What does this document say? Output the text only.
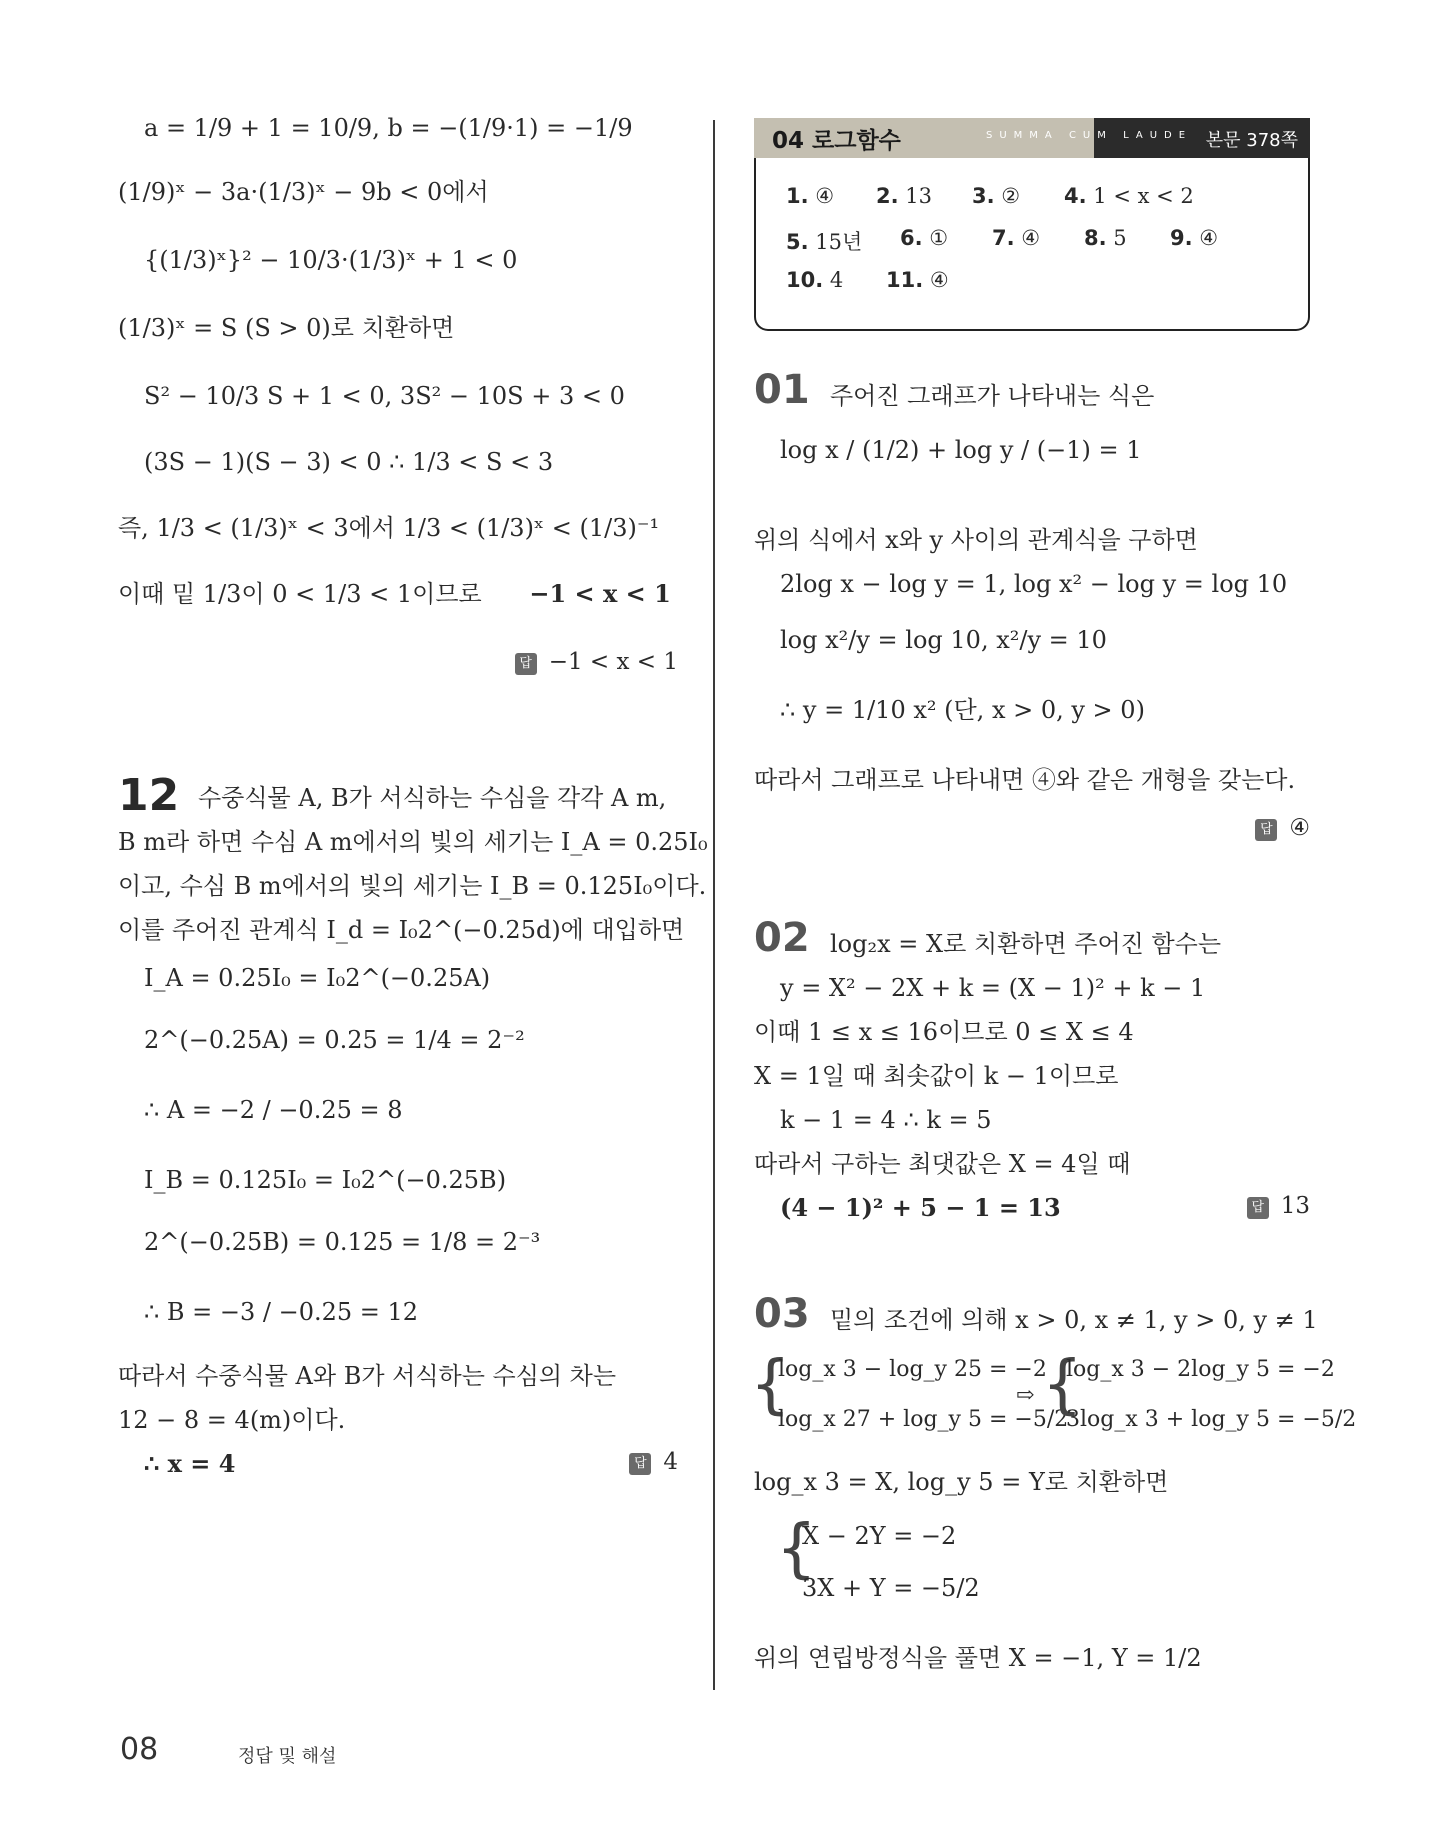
a = 1/9 + 1 = 10/9, b = −(1/9·1) = −1/9
(1/9)ˣ − 3a·(1/3)ˣ − 9b < 0에서
{(1/3)ˣ}² − 10/3·(1/3)ˣ + 1 < 0
(1/3)ˣ = S (S > 0)로 치환하면
S² − 10/3 S + 1 < 0, 3S² − 10S + 3 < 0
(3S − 1)(S − 3) < 0 ∴ 1/3 < S < 3
즉, 1/3 < (1/3)ˣ < 3에서 1/3 < (1/3)ˣ < (1/3)⁻¹
이때 밑 1/3이 0 < 1/3 < 1이므로 −1 < x < 1
답 −1 < x < 1
12 수중식물 A, B가 서식하는 수심을 각각 A m,
B m라 하면 수심 A m에서의 빛의 세기는 I_A = 0.25I₀
이고, 수심 B m에서의 빛의 세기는 I_B = 0.125I₀이다.
이를 주어진 관계식 I_d = I₀2^(−0.25d)에 대입하면
I_A = 0.25I₀ = I₀2^(−0.25A)
2^(−0.25A) = 0.25 = 1/4 = 2⁻²
∴ A = −2 / −0.25 = 8
I_B = 0.125I₀ = I₀2^(−0.25B)
2^(−0.25B) = 0.125 = 1/8 = 2⁻³
∴ B = −3 / −0.25 = 12
따라서 수중식물 A와 B가 서식하는 수심의 차는
12 − 8 = 4(m)이다.
∴ x = 4	답 4
04 로그함수	SUMMA CUM LAUDE 본문 378쪽
1. ④ 2. 13 3. ② 4. 1 < x < 2
5. 15년 6. ① 7. ④ 8. 5 9. ④
10. 4 11. ④
01 주어진 그래프가 나타내는 식은
log x / (1/2) + log y / (−1) = 1
위의 식에서 x와 y 사이의 관계식을 구하면
2log x − log y = 1, log x² − log y = log 10
log x²/y = log 10, x²/y = 10
∴ y = 1/10 x² (단, x > 0, y > 0)
따라서 그래프로 나타내면 ④와 같은 개형을 갖는다.
답 ④
02 log₂x = X로 치환하면 주어진 함수는
y = X² − 2X + k = (X − 1)² + k − 1
이때 1 ≤ x ≤ 16이므로 0 ≤ X ≤ 4
X = 1일 때 최솟값이 k − 1이므로
k − 1 = 4 ∴ k = 5
따라서 구하는 최댓값은 X = 4일 때
(4 − 1)² + 5 − 1 = 13	답 13
03 밑의 조건에 의해 x > 0, x ≠ 1, y > 0, y ≠ 1
{
log_x 3 − log_y 25 = −2
log_x 27 + log_y 5 = −5/2
⇨ {
log_x 3 − 2log_y 5 = −2
3log_x 3 + log_y 5 = −5/2
log_x 3 = X, log_y 5 = Y로 치환하면
{
X − 2Y = −2
3X + Y = −5/2
위의 연립방정식을 풀면 X = −1, Y = 1/2
08	정답 및 해설
